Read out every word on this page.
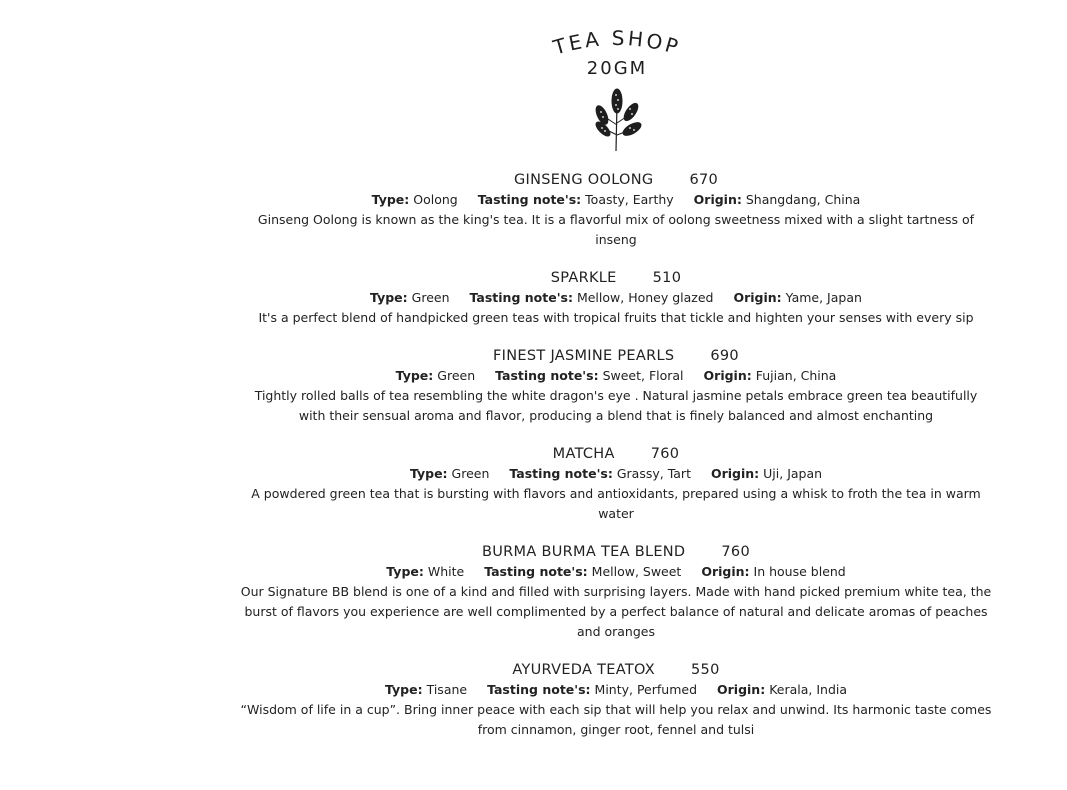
TEA SHOP
20GM
GINSENG OOLONG 670
Type: Oolong Tasting note's: Toasty, Earthy Origin: Shangdang, China
Ginseng Oolong is known as the king's tea. It is a flavorful mix of oolong sweetness mixed with a slight tartness of inseng
SPARKLE 510
Type: Green Tasting note's: Mellow, Honey glazed Origin: Yame, Japan
It's a perfect blend of handpicked green teas with tropical fruits that tickle and highten your senses with every sip
FINEST JASMINE PEARLS 690
Type: Green Tasting note's: Sweet, Floral Origin: Fujian, China
Tightly rolled balls of tea resembling the white dragon's eye . Natural jasmine petals embrace green tea beautifully with their sensual aroma and flavor, producing a blend that is finely balanced and almost enchanting
MATCHA 760
Type: Green Tasting note's: Grassy, Tart Origin: Uji, Japan
A powdered green tea that is bursting with flavors and antioxidants, prepared using a whisk to froth the tea in warm water
BURMA BURMA TEA BLEND 760
Type: White Tasting note's: Mellow, Sweet Origin: In house blend
Our Signature BB blend is one of a kind and filled with surprising layers. Made with hand picked premium white tea, the burst of flavors you experience are well complimented by a perfect balance of natural and delicate aromas of peaches and oranges
AYURVEDA TEATOX 550
Type: Tisane Tasting note's: Minty, Perfumed Origin: Kerala, India
“Wisdom of life in a cup”. Bring inner peace with each sip that will help you relax and unwind. Its harmonic taste comes from cinnamon, ginger root, fennel and tulsi
